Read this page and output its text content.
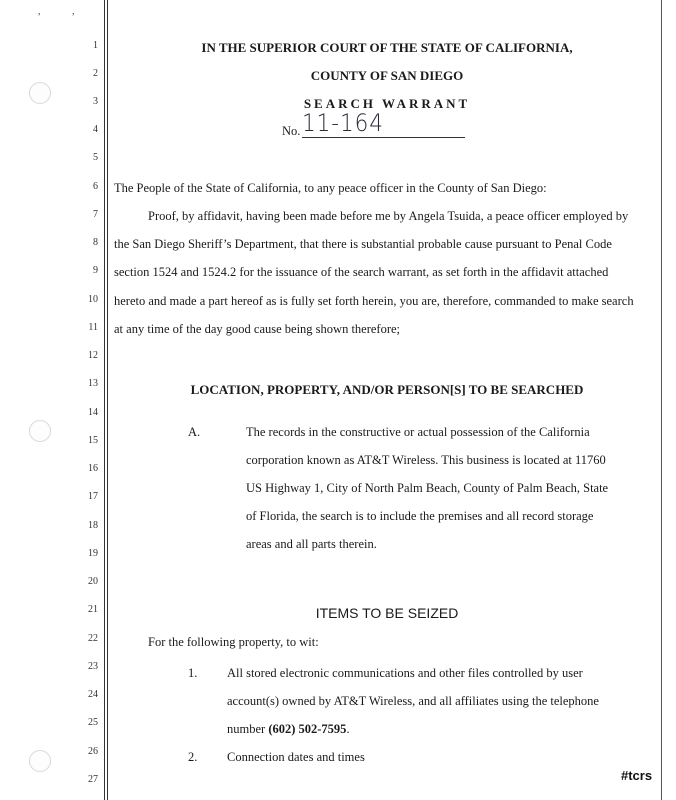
,	,
1
2
3
4
5
6
7
8
9
10
11
12
13
14
15
16
17
18
19
20
21
22
23
24
25
26
27
IN THE SUPERIOR COURT OF THE STATE OF CALIFORNIA,
COUNTY OF SAN DIEGO
SEARCH WARRANT
No. 11-164
The People of the State of California, to any peace officer in the County of San Diego:
Proof, by affidavit, having been made before me by Angela Tsuida, a peace officer employed by
the San Diego Sheriff’s Department, that there is substantial probable cause pursuant to Penal Code
section 1524 and 1524.2 for the issuance of the search warrant, as set forth in the affidavit attached
hereto and made a part hereof as is fully set forth herein, you are, therefore, commanded to make search
at any time of the day good cause being shown therefore;
LOCATION, PROPERTY, AND/OR PERSON[S] TO BE SEARCHED
A.	The records in the constructive or actual possession of the California
corporation known as AT&T Wireless. This business is located at 11760
US Highway 1, City of North Palm Beach, County of Palm Beach, State
of Florida, the search is to include the premises and all record storage
areas and all parts therein.
ITEMS TO BE SEIZED
For the following property, to wit:
1. All stored electronic communications and other files controlled by user
account(s) owned by AT&T Wireless, and all affiliates using the telephone
number (602) 502-7595.
2. Connection dates and times
#tcrs
